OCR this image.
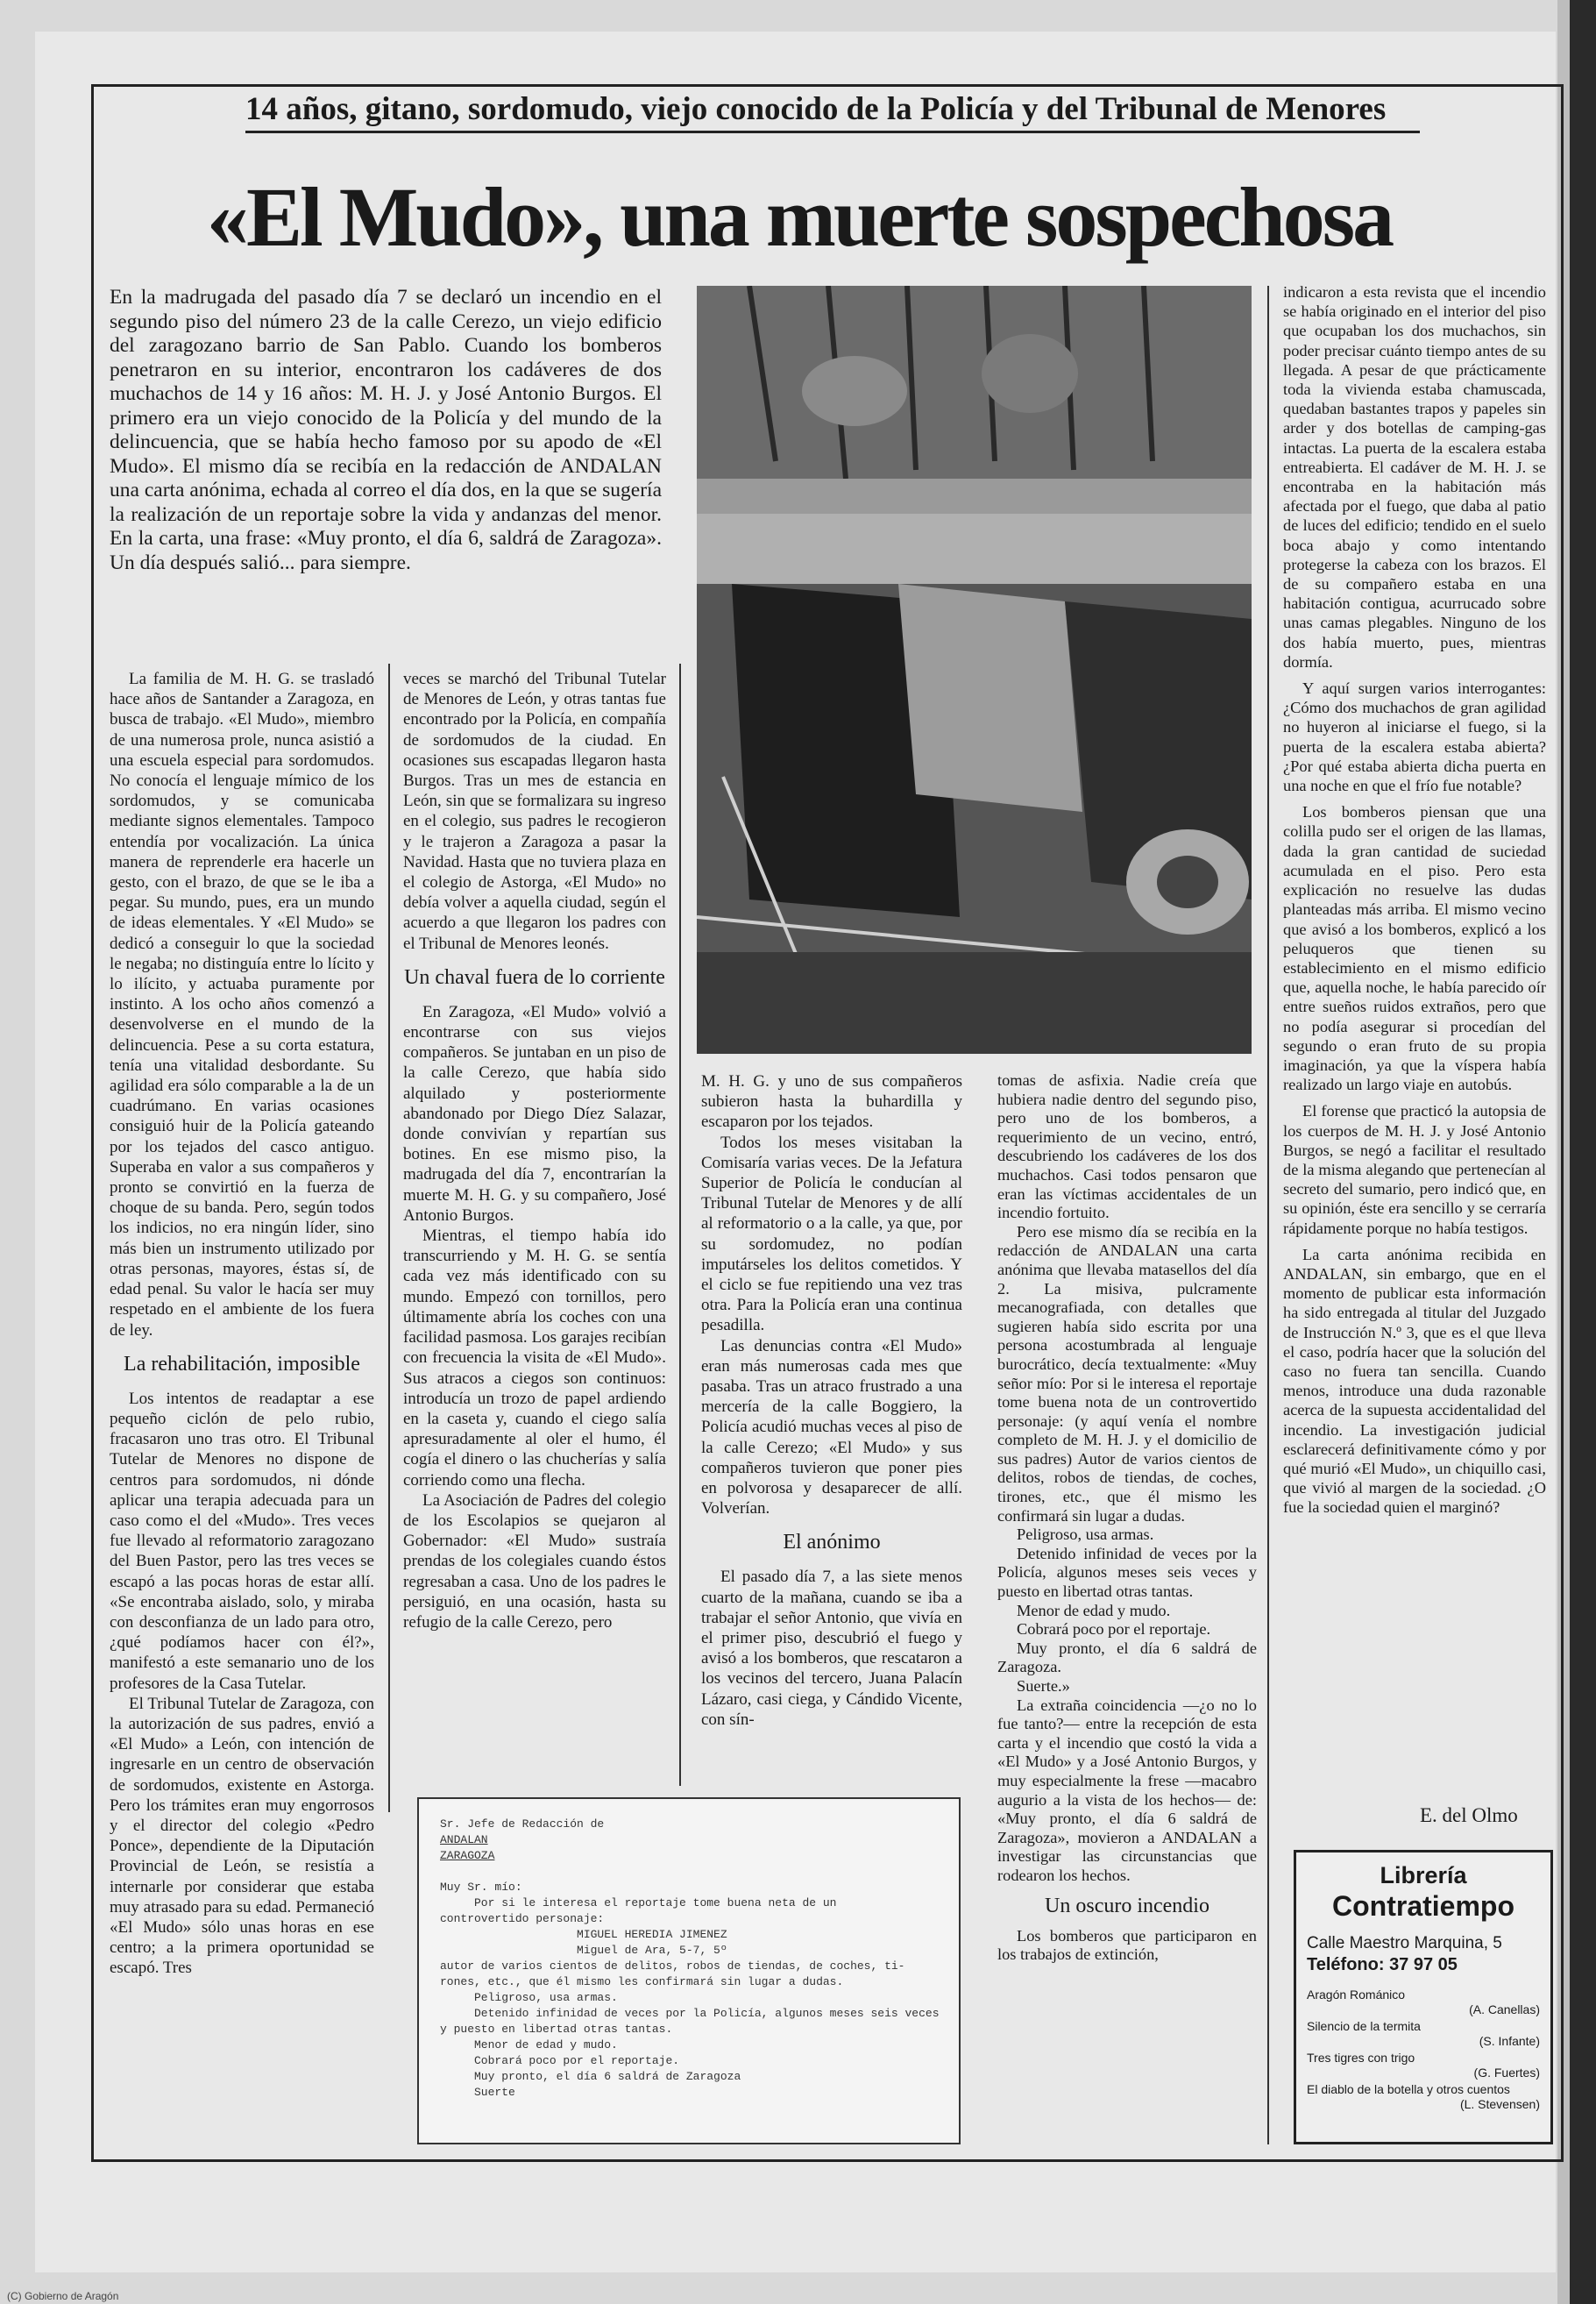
14 años, gitano, sordomudo, viejo conocido de la Policía y del Tribunal de Menores
«El Mudo», una muerte sospechosa

En la madrugada del pasado día 7 se declaró un incendio en el segundo piso del número 23 de la calle Cerezo, un viejo edificio del zaragozano barrio de San Pablo. Cuando los bomberos penetraron en su interior, encontraron los cadáveres de dos muchachos de 14 y 16 años: M. H. J. y José Antonio Burgos. El primero era un viejo conocido de la Policía y del mundo de la delincuencia, que se había hecho famoso por su apodo de «El Mudo». El mismo día se recibía en la redacción de ANDALAN una carta anónima, echada al correo el día dos, en la que se sugería la realización de un reportaje sobre la vida y andanzas del menor. En la carta, una frase: «Muy pronto, el día 6, saldrá de Zaragoza». Un día después salió... para siempre.

La familia de M. H. G. se trasladó hace años de Santander a Zaragoza, en busca de trabajo. «El Mudo», miembro de una numerosa prole, nunca asistió a una escuela especial para sordomudos. No conocía el lenguaje mímico de los sordomudos, y se comunicaba mediante signos elementales. Tampoco entendía por vocalización. La única manera de reprenderle era hacerle un gesto, con el brazo, de que se le iba a pegar. Su mundo, pues, era un mundo de ideas elementales. Y «El Mudo» se dedicó a conseguir lo que la sociedad le negaba; no distinguía entre lo lícito y lo ilícito, y actuaba puramente por instinto. A los ocho años comenzó a desenvolverse en el mundo de la delincuencia. Pese a su corta estatura, tenía una vitalidad desbordante. Su agilidad era sólo comparable a la de un cuadrúmano. En varias ocasiones consiguió huir de la Policía gateando por los tejados del casco antiguo. Superaba en valor a sus compañeros y pronto se convirtió en la fuerza de choque de su banda. Pero, según todos los indicios, no era ningún líder, sino más bien un instrumento utilizado por otras personas, mayores, éstas sí, de edad penal. Su valor le hacía ser muy respetado en el ambiente de los fuera de ley.

La rehabilitación, imposible

Los intentos de readaptar a ese pequeño ciclón de pelo rubio, fracasaron uno tras otro. El Tribunal Tutelar de Menores no dispone de centros para sordomudos, ni dónde aplicar una terapia adecuada para un caso como el del «Mudo». Tres veces fue llevado al reformatorio zaragozano del Buen Pastor, pero las tres veces se escapó a las pocas horas de estar allí. «Se encontraba aislado, solo, y miraba con desconfianza de un lado para otro, ¿qué podíamos hacer con él?», manifestó a este semanario uno de los profesores de la Casa Tutelar.

El Tribunal Tutelar de Zaragoza, con la autorización de sus padres, envió a «El Mudo» a León, con intención de ingresarle en un centro de observación de sordomudos, existente en Astorga. Pero los trámites eran muy engorrosos y el director del colegio «Pedro Ponce», dependiente de la Diputación Provincial de León, se resistía a internarle por considerar que estaba muy atrasado para su edad. Permaneció «El Mudo» sólo unas horas en ese centro; a la primera oportunidad se escapó. Tres

veces se marchó del Tribunal Tutelar de Menores de León, y otras tantas fue encontrado por la Policía, en compañía de sordomudos de la ciudad. En ocasiones sus escapadas llegaron hasta Burgos. Tras un mes de estancia en León, sin que se formalizara su ingreso en el colegio, sus padres le recogieron y le trajeron a Zaragoza a pasar la Navidad. Hasta que no tuviera plaza en el colegio de Astorga, «El Mudo» no debía volver a aquella ciudad, según el acuerdo a que llegaron los padres con el Tribunal de Menores leonés.

Un chaval fuera de lo corriente

En Zaragoza, «El Mudo» volvió a encontrarse con sus viejos compañeros. Se juntaban en un piso de la calle Cerezo, que había sido alquilado y posteriormente abandonado por Diego Díez Salazar, donde convivían y repartían sus botines. En ese mismo piso, la madrugada del día 7, encontrarían la muerte M. H. G. y su compañero, José Antonio Burgos.

Mientras, el tiempo había ido transcurriendo y M. H. G. se sentía cada vez más identificado con su mundo. Empezó con tornillos, pero últimamente abría los coches con una facilidad pasmosa. Los garajes recibían con frecuencia la visita de «El Mudo». Sus atracos a ciegos son continuos: introducía un trozo de papel ardiendo en la caseta y, cuando el ciego salía apresuradamente al oler el humo, él cogía el dinero o las chucherías y salía corriendo como una flecha.

La Asociación de Padres del colegio de los Escolapios se quejaron al Gobernador: «El Mudo» sustraía prendas de los colegiales cuando éstos regresaban a casa. Uno de los padres le persiguió, en una ocasión, hasta su refugio de la calle Cerezo, pero

M. H. G. y uno de sus compañeros subieron hasta la buhardilla y escaparon por los tejados.

Todos los meses visitaban la Comisaría varias veces. De la Jefatura Superior de Policía le conducían al Tribunal Tutelar de Menores y de allí al reformatorio o a la calle, ya que, por su sordomudez, no podían imputárseles los delitos cometidos. Y el ciclo se fue repitiendo una vez tras otra. Para la Policía eran una continua pesadilla.

Las denuncias contra «El Mudo» eran más numerosas cada mes que pasaba. Tras un atraco frustrado a una mercería de la calle Boggiero, la Policía acudió muchas veces al piso de la calle Cerezo; «El Mudo» y sus compañeros tuvieron que poner pies en polvorosa y desaparecer de allí. Volverían.

El anónimo

El pasado día 7, a las siete menos cuarto de la mañana, cuando se iba a trabajar el señor Antonio, que vivía en el primer piso, descubrió el fuego y avisó a los bomberos, que rescataron a los vecinos del tercero, Juana Palacín Lázaro, casi ciega, y Cándido Vicente, con sín-

tomas de asfixia. Nadie creía que hubiera nadie dentro del segundo piso, pero uno de los bomberos, a requerimiento de un vecino, entró, descubriendo los cadáveres de los dos muchachos. Casi todos pensaron que eran las víctimas accidentales de un incendio fortuito.

Pero ese mismo día se recibía en la redacción de ANDALAN una carta anónima que llevaba matasellos del día 2. La misiva, pulcramente mecanografiada, con detalles que sugieren había sido escrita por una persona acostumbrada al lenguaje burocrático, decía textualmente: «Muy señor mío: Por si le interesa el reportaje tome buena nota de un controvertido personaje: (y aquí venía el nombre completo de M. H. J. y el domicilio de sus padres) Autor de varios cientos de delitos, robos de tiendas, de coches, tirones, etc., que él mismo les confirmará sin lugar a dudas.

Peligroso, usa armas.

Detenido infinidad de veces por la Policía, algunos meses seis veces y puesto en libertad otras tantas.

Menor de edad y mudo.

Cobrará poco por el reportaje.

Muy pronto, el día 6 saldrá de Zaragoza.

Suerte.»

La extraña coincidencia —¿o no lo fue tanto?— entre la recepción de esta carta y el incendio que costó la vida a «El Mudo» y a José Antonio Burgos, y muy especialmente la frese —macabro augurio a la vista de los hechos— de: «Muy pronto, el día 6 saldrá de Zaragoza», movieron a ANDALAN a investigar las circunstancias que rodearon los hechos.

Un oscuro incendio

Los bomberos que participaron en los trabajos de extinción,

indicaron a esta revista que el incendio se había originado en el interior del piso que ocupaban los dos muchachos, sin poder precisar cuánto tiempo antes de su llegada. A pesar de que prácticamente toda la vivienda estaba chamuscada, quedaban bastantes trapos y papeles sin arder y dos botellas de camping-gas intactas. La puerta de la escalera estaba entreabierta. El cadáver de M. H. J. se encontraba en la habitación más afectada por el fuego, que daba al patio de luces del edificio; tendido en el suelo boca abajo y como intentando protegerse la cabeza con los brazos. El de su compañero estaba en una habitación contigua, acurrucado sobre unas camas plegables. Ninguno de los dos había muerto, pues, mientras dormía.

Y aquí surgen varios interrogantes: ¿Cómo dos muchachos de gran agilidad no huyeron al iniciarse el fuego, si la puerta de la escalera estaba abierta? ¿Por qué estaba abierta dicha puerta en una noche en que el frío fue notable?

Los bomberos piensan que una colilla pudo ser el origen de las llamas, dada la gran cantidad de suciedad acumulada en el piso. Pero esta explicación no resuelve las dudas planteadas más arriba. El mismo vecino que avisó a los bomberos, explicó a los peluqueros que tienen su establecimiento en el mismo edificio que, aquella noche, le había parecido oír entre sueños ruidos extraños, pero que no podía asegurar si procedían del segundo o eran fruto de su propia imaginación, ya que la víspera había realizado un largo viaje en autobús.

El forense que practicó la autopsia de los cuerpos de M. H. J. y José Antonio Burgos, se negó a facilitar el resultado de la misma alegando que pertenecían al secreto del sumario, pero indicó que, en su opinión, éste era sencillo y se cerraría rápidamente porque no había testigos.

La carta anónima recibida en ANDALAN, sin embargo, que en el momento de publicar esta información ha sido entregada al titular del Juzgado de Instrucción N.º 3, que es el que lleva el caso, podría hacer que la solución del caso no fuera tan sencilla. Cuando menos, introduce una duda razonable acerca de la supuesta accidentalidad del incendio. La investigación judicial esclarecerá definitivamente cómo y por qué murió «El Mudo», un chiquillo casi, que vivió al margen de la sociedad. ¿O fue la sociedad quien el marginó?

E. del Olmo
Sr. Jefe de Redacción de
ANDALAN
ZARAGOZA
Muy Sr. mío:
Por si le interesa el reportaje tome buena neta de un
controvertido personaje:
MIGUEL HEREDIA JIMENEZ
Miguel de Ara, 5-7, 5º
autor de varios cientos de delitos, robos de tiendas, de coches, ti-
rones, etc., que él mismo les confirmará sin lugar a dudas.
Peligroso, usa armas.
Detenido infinidad de veces por la Policía, algunos meses seis veces
y puesto en libertad otras tantas.
Menor de edad y mudo.
Cobrará poco por el reportaje.
Muy pronto, el día 6 saldrá de Zaragoza
Suerte
Librería
Contratiempo
Calle Maestro Marquina, 5
Teléfono: 37 97 05
Aragón Románico
(A. Canellas)
Silencio de la termita
(S. Infante)
Tres tigres con trigo
(G. Fuertes)
El diablo de la botella y otros cuentos
(L. Stevensen)
(C) Gobierno de Aragón
